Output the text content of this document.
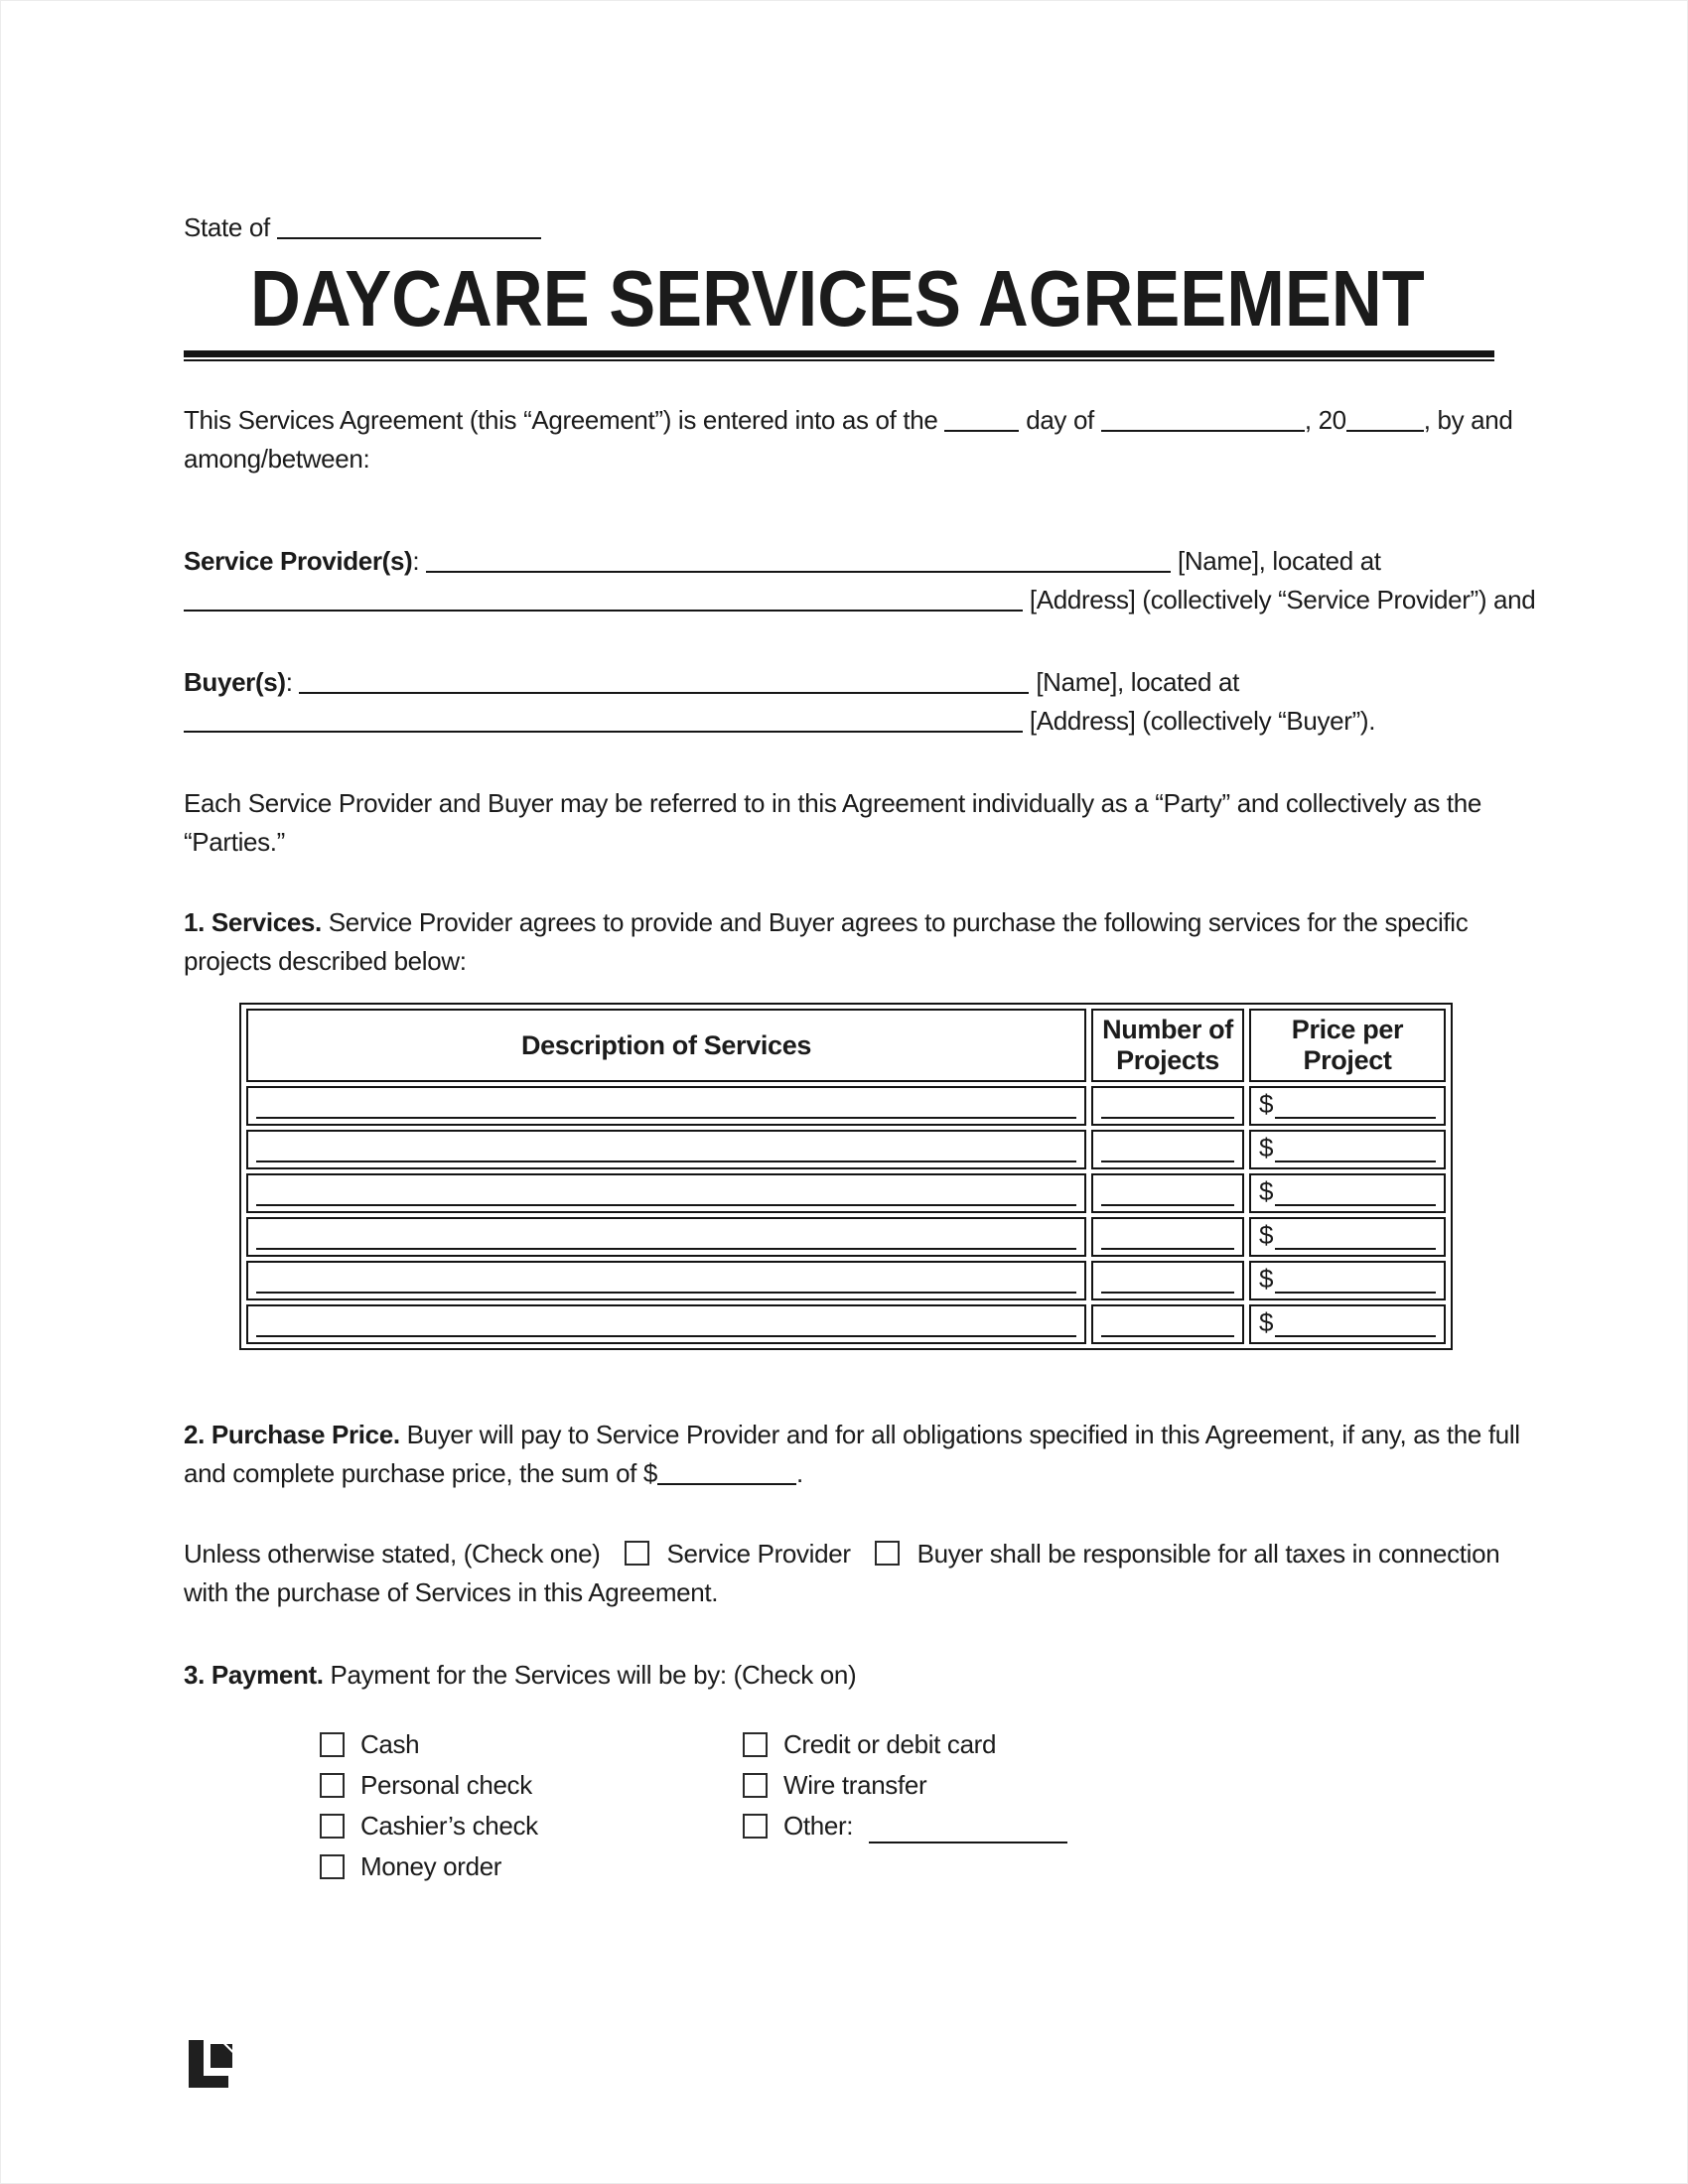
State of
DAYCARE SERVICES AGREEMENT

This Services Agreement (this “Agreement”) is entered into as of the	day of	, 20	, by and among/between:

Service Provider(s):	[Name], located at  [Address] (collectively “Service Provider”) and

Buyer(s):	[Name], located at  [Address] (collectively “Buyer”).

Each Service Provider and Buyer may be referred to in this Agreement individually as a “Party” and collectively as the “Parties.”

1. Services. Service Provider agrees to provide and Buyer agrees to purchase the following services for the specific projects described below:

Description of Services	Number of Projects	Price per Project

		$

		$

		$

		$

		$

		$

2. Purchase Price. Buyer will pay to Service Provider and for all obligations specified in this Agreement, if any, as the full and complete purchase price, the sum of $	.

Unless otherwise stated, (Check one)	Service Provider	Buyer shall be responsible for all taxes in connection with the purchase of Services in this Agreement.

3. Payment. Payment for the Services will be by: (Check on)

Cash
Personal check
Cashier’s check
Money order
Credit or debit card
Wire transfer
Other:
